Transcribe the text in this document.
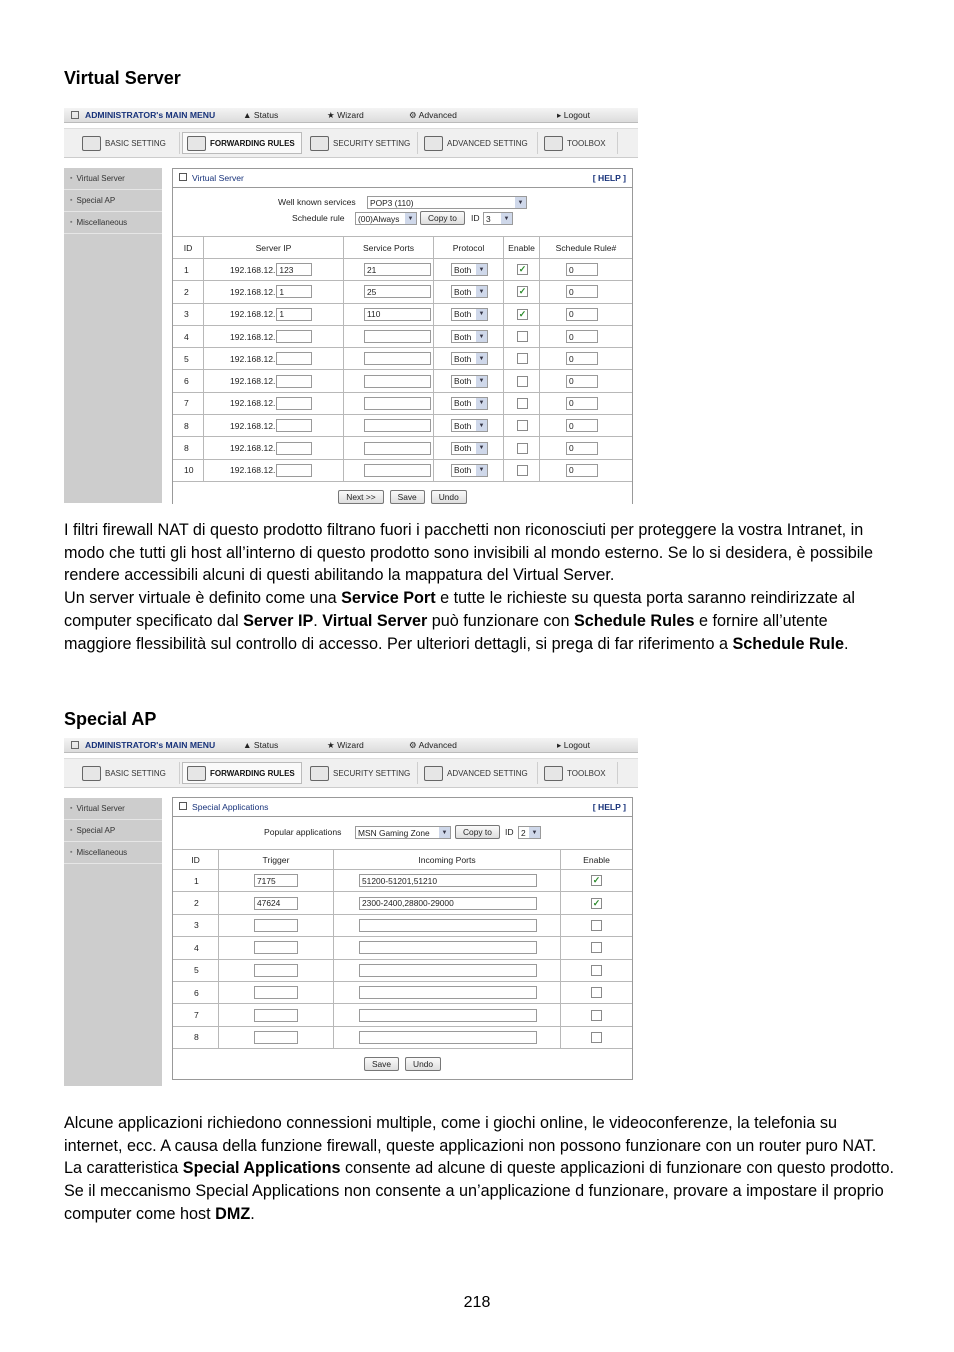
Virtual Server
ADMINISTRATOR's MAIN MENU	▲ Status	★ Wizard	⚙ Advanced	▸ Logout
BASIC SETTING	FORWARDING RULES	SECURITY SETTING	ADVANCED SETTING	TOOLBOX
▪ Virtual Server
▪ Special AP
▪ Miscellaneous
Virtual Server	[ HELP ]
Well known services POP3 (110)	▼
Schedule rule (00)Always	▼	Copy to	ID 3	▼
ID	Server IP	Service Ports	Protocol	Enable	Schedule Rule#
1	192.168.12. 123	21	Both	▼	✓	0
2	192.168.12. 1	25	Both	▼	✓	0
3	192.168.12. 1	110	Both	▼	✓	0
4	192.168.12.	Both	▼	0
5	192.168.12.	Both	▼	0
6	192.168.12.	Both	▼	0
7	192.168.12.	Both	▼	0
8	192.168.12.	Both	▼	0
8	192.168.12.	Both	▼	0
10	192.168.12.	Both	▼	0
Next >>	Save	Undo
I filtri firewall NAT di questo prodotto filtrano fuori i pacchetti non riconosciuti per proteggere la vostra Intranet, in modo che tutti gli host all’interno di questo prodotto sono invisibili al mondo esterno. Se lo si desidera, è possibile rendere accessibili alcuni di questi abilitando la mappatura del Virtual Server.
Un server virtuale è definito come una Service Port e tutte le richieste su questa porta saranno reindirizzate al computer specificato dal Server IP. Virtual Server può funzionare con Schedule Rules e fornire all’utente maggiore flessibilità sul controllo di accesso. Per ulteriori dettagli, si prega di far riferimento a Schedule Rule.
Special AP
ADMINISTRATOR's MAIN MENU	▲ Status	★ Wizard	⚙ Advanced	▸ Logout
BASIC SETTING	FORWARDING RULES	SECURITY SETTING	ADVANCED SETTING	TOOLBOX
▪ Virtual Server
▪ Special AP
▪ Miscellaneous
Special Applications	[ HELP ]
Popular applications MSN Gaming Zone	▼	Copy to	ID 2 ▼
ID	Trigger	Incoming Ports	Enable
1	7175	51200-51201,51210	✓
2	47624	2300-2400,28800-29000	✓
3
4
5
6
7
8
Save	Undo
Alcune applicazioni richiedono connessioni multiple, come i giochi online, le videoconferenze, la telefonia su internet, ecc. A causa della funzione firewall, queste applicazioni non possono funzionare con un router puro NAT. La caratteristica Special Applications consente ad alcune di queste applicazioni di funzionare con questo prodotto. Se il meccanismo Special Applications non consente a un’applicazione d funzionare, provare a impostare il proprio computer come host DMZ.
218
